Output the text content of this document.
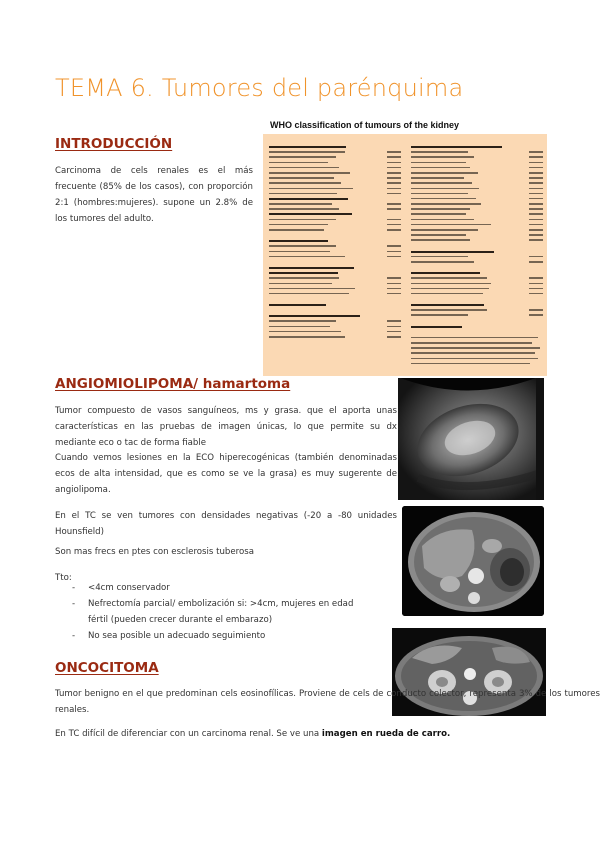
TEMA 6. Tumores del parénquima
INTRODUCCIÓN

Carcinoma de cels renales es el más frecuente (85% de los casos), con proporción 2:1 (hombres:mujeres). supone un 2.8% de los tumores del adulto.

WHO classification of tumours of the kidney
ANGIOMIOLIPOMA/ hamartoma

Tumor compuesto de vasos sanguíneos, ms y grasa. que el aporta unas características en las pruebas de imagen únicas, lo que permite su dx mediante eco o tac de forma fiable

Cuando vemos lesiones en la ECO hiperecogénicas (también denominadas ecos de alta intensidad, que es como se ve la grasa) es muy sugerente de angiolipoma.

En el TC se ven tumores con densidades negativas (-20 a -80 unidades Hounsfield)

Son mas frecs en ptes con esclerosis tuberosa

Tto:

- <4cm conservador
- Nefrectomía parcial/ embolización si: >4cm, mujeres en edad fértil (pueden crecer durante el embarazo)
- No sea posible un adecuado seguimiento
ONCOCITOMA

Tumor benigno en el que predominan cels eosinofílicas. Proviene de cels de conducto colector, representa 3% de los tumores renales.

En TC difícil de diferenciar con un carcinoma renal. Se ve una imagen en rueda de carro.
